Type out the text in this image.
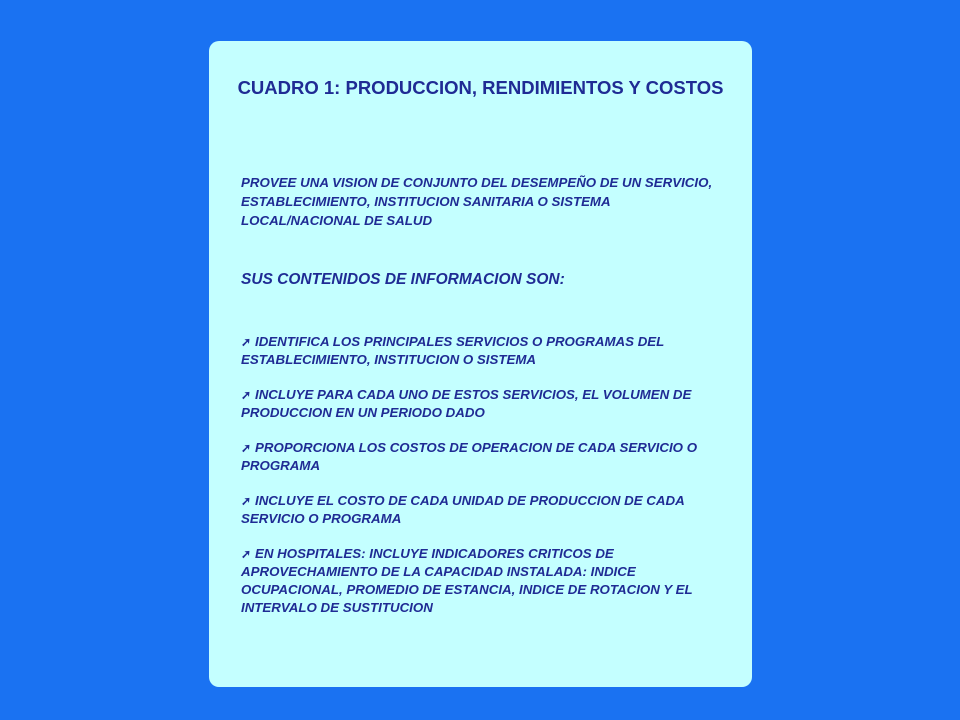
CUADRO 1: PRODUCCION, RENDIMIENTOS Y COSTOS

PROVEE UNA VISION DE CONJUNTO DEL DESEMPEÑO DE UN SERVICIO, ESTABLECIMIENTO, INSTITUCION SANITARIA O SISTEMA LOCAL/NACIONAL DE SALUD

SUS CONTENIDOS DE INFORMACION SON:

➚ IDENTIFICA LOS PRINCIPALES SERVICIOS O PROGRAMAS DEL ESTABLECIMIENTO, INSTITUCION O SISTEMA
➚ INCLUYE PARA CADA UNO DE ESTOS SERVICIOS, EL VOLUMEN DE PRODUCCION EN UN PERIODO DADO
➚ PROPORCIONA LOS COSTOS DE OPERACION DE CADA SERVICIO O PROGRAMA
➚ INCLUYE EL COSTO DE CADA UNIDAD DE PRODUCCION DE CADA SERVICIO O PROGRAMA
➚ EN HOSPITALES: INCLUYE INDICADORES CRITICOS DE APROVECHAMIENTO DE LA CAPACIDAD INSTALADA: INDICE OCUPACIONAL, PROMEDIO DE ESTANCIA, INDICE DE ROTACION Y EL INTERVALO DE SUSTITUCION
